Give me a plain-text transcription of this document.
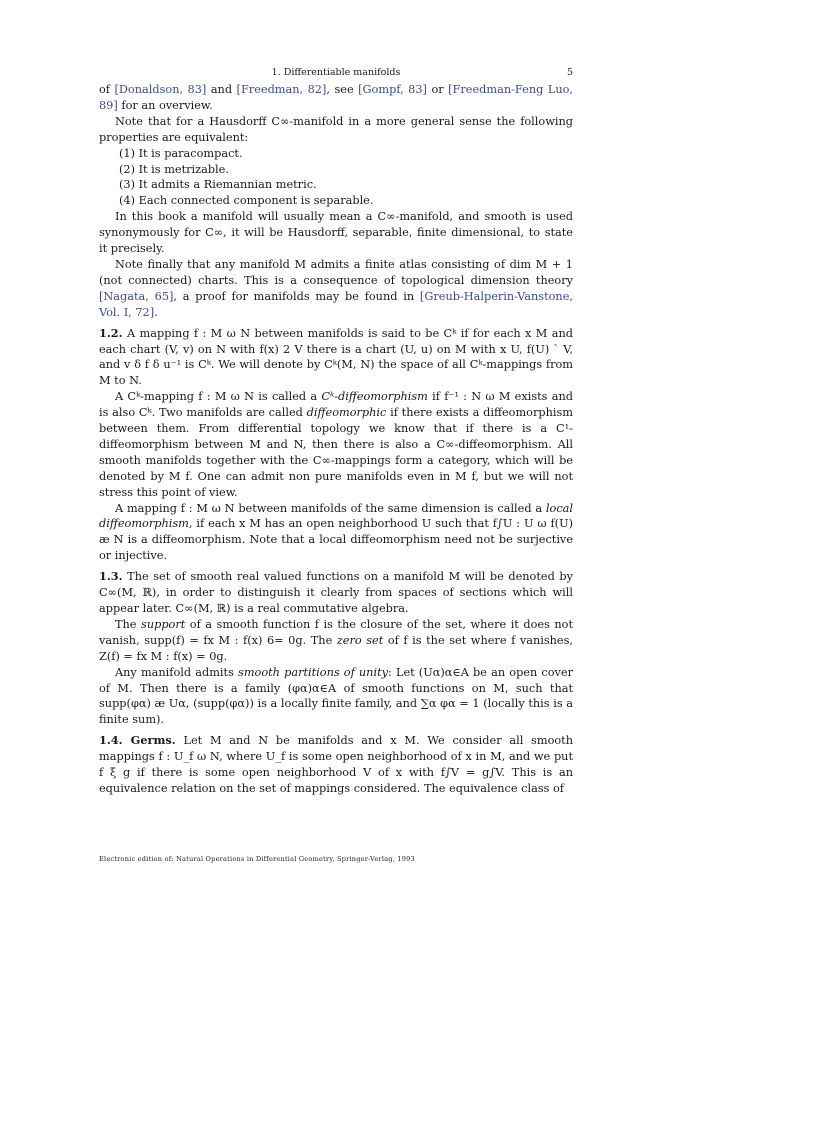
1. Differentiable manifolds	5

of [Donaldson, 83] and [Freedman, 82], see [Gompf, 83] or [Freedman-Feng Luo, 89] for an overview.

Note that for a Hausdorff C∞-manifold in a more general sense the following properties are equivalent:

(1) It is paracompact.
(2) It is metrizable.
(3) It admits a Riemannian metric.
(4) Each connected component is separable.

In this book a manifold will usually mean a C∞-manifold, and smooth is used synonymously for C∞, it will be Hausdorff, separable, finite dimensional, to state it precisely.

Note finally that any manifold M admits a finite atlas consisting of dim M + 1 (not connected) charts. This is a consequence of topological dimension theory [Nagata, 65], a proof for manifolds may be found in [Greub-Halperin-Vanstone, Vol. I, 72].

1.2. A mapping f : M ω N between manifolds is said to be Cᵏ if for each x M and each chart (V, v) on N with f(x) 2 V there is a chart (U, u) on M with x U, f(U) ` V, and v δ f δ u⁻¹ is Cᵏ. We will denote by Cᵏ(M, N) the space of all Cᵏ-mappings from M to N.

A Cᵏ-mapping f : M ω N is called a Cᵏ-diffeomorphism if f⁻¹ : N ω M exists and is also Cᵏ. Two manifolds are called diffeomorphic if there exists a diffeomorphism between them. From differential topology we know that if there is a C¹-diffeomorphism between M and N, then there is also a C∞-diffeomorphism. All smooth manifolds together with the C∞-mappings form a category, which will be denoted by M f. One can admit non pure manifolds even in M f, but we will not stress this point of view.

A mapping f : M ω N between manifolds of the same dimension is called a local diffeomorphism, if each x M has an open neighborhood U such that f∫U : U ω f(U) æ N is a diffeomorphism. Note that a local diffeomorphism need not be surjective or injective.

1.3. The set of smooth real valued functions on a manifold M will be denoted by C∞(M, ℝ), in order to distinguish it clearly from spaces of sections which will appear later. C∞(M, ℝ) is a real commutative algebra.

The support of a smooth function f is the closure of the set, where it does not vanish, supp(f) = fx M : f(x) 6= 0g. The zero set of f is the set where f vanishes, Z(f) = fx M : f(x) = 0g.

Any manifold admits smooth partitions of unity: Let (Uα)α∈A be an open cover of M. Then there is a family (φα)α∈A of smooth functions on M, such that supp(φα) æ Uα, (supp(φα)) is a locally finite family, and ∑α φα = 1 (locally this is a finite sum).

1.4. Germs. Let M and N be manifolds and x M. We consider all smooth mappings f : U_f ω N, where U_f is some open neighborhood of x in M, and we put f ξ g if there is some open neighborhood V of x with f∫V = g∫V. This is an equivalence relation on the set of mappings considered. The equivalence class of

Electronic edition of: Natural Operations in Differential Geometry, Springer-Verlag, 1993
